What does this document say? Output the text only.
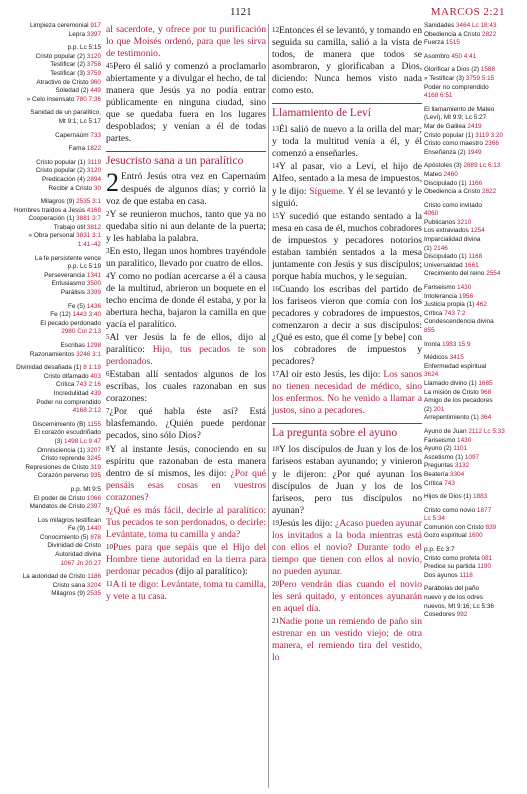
1121	MARCOS 2:21
Limpieza ceremonial 917
Lepra 3397
p.p. Lc 5:15
Cristo popular (2) 3120
Testificar (2) 3758
Testificar (3) 3759
Atractivo de Cristo 960
Soledad (2) 449
» Celo insensato 780 7:36
Sanidad de un paralítico,
Mt 9:1; Lc 5:17
Capernaúm 733
Fama 1822
Cristo popular (1) 3119
Cristo popular (2) 3120
Predicación (4) 2894
Recibir a Cristo 30
Milagros (9) 2535 3:1
Hombres traídos a Jesús 4168
Cooperación (1) 3881 3:7
Trabajo útil 3812
» Obra personal 3831 3:1
1:41–42
La fe persistente vence
p.p. Lc 5:19
Perseverancia 1341
Entusiasmo 3500
Parálisis 3399
Fe (5) 1436
Fe (12) 1443 3:40
El pecado perdonado
2980 Col 2:13
Escribas 1298
Razonamientos 3246 3:1
Divinidad desafiada (1) 8 1:19
Cristo difamado 403
Crítica 743 2:16
Incredulidad 439
Poder no comprendido
4168 2:12
Discernimiento (B) 1155
El corazón escudriñado
(3) 1498 Lc 9:47
Omnisciencia (1) 3207
Cristo reprende 3245
Represiones de Cristo 319
Corazón perverso 935
p.p. Mt 9:5
El poder de Cristo 1066
Mandatos de Cristo 2397
Los milagros testifican
Fe (9) 1440
Conocimiento (5) 878
Divinidad de Cristo
Autoridad divina
1067 Jn 20:27
La autoridad de Cristo 1186
Cristo sana 3204
Milagros (9) 2535
Sanidades 3464 Lc 18:43
Obediencia a Cristo 2822
Fuerza 1515
Asombro 450 4:41
Glorificar a Dios (2) 1588
» Testificar (3) 3759 5:15
Poder no comprendido
4168 6:51
El llamamiento de Mateo
(Leví), Mt 9:9; Lc 5:27
Mar de Galilea 2419
Cristo popular (1) 3119 3:20
Cristo como maestro 2366
Enseñanza (2) 1949
Apóstoles (3) 2889 Lc 6:13
Mateo 2460
Discipulado (1) 1166
Obediencia a Cristo 2822
Cristo como invitado
4060
Publicanos 3210
Los extraviados 1254
Imparcialidad divina
(1) 2146
Discipulado (1) 1168
Universalidad 1661
Crecimiento del reino 2554
Fariseismo 1430
Intolerancia 1958
Justicia propia (1) 462
Crítica 743 7:2
Condescendencia divina
855
Ironía 1983 15:9
Médicos 3415
Enfermedad espiritual
3624
Llamado divino (1) 1665
La misión de Cristo 968
Amigo de los pecadores
(2) 201
Arrepentimiento (1) 364
Ayuno de Juan 2112 Lc 5:33
Fariseismo 1430
Ayuno (2) 1101
Ascetismo (1) 1097
Preguntas 3132
Beatería 3304
Crítica 743
Hijos de Dios (1) 1883
Cristo como novio 1877
Lc 5:34
Comunión con Cristo 839
Gozo espiritual 1600
p.p. Ec 3:7
Cristo como profeta 081
Predice su partida 1190
Dos ayunos 1118
Parábolas del paño
nuevo y de los odres
nuevos, Mt 9:16; Lc 5:36
Cosedores 992

al sacerdote, y ofrece por tu purificación lo que Moisés ordenó, para que les sirva de testimonio.

45Pero él salió y comenzó a proclamarlo abiertamente y a divulgar el hecho, de tal manera que Jesús ya no podía entrar públicamente en ninguna ciudad, sino que se quedaba fuera en los lugares despoblados; y venían a él de todas partes.

Jesucristo sana a un paralítico

2 Entró Jesús otra vez en Capernaúm después de algunos días; y corrió la voz de que estaba en casa.

2Y se reunieron muchos, tanto que ya no quedaba sitio ni aun delante de la puerta; y les hablaba la palabra.

3En esto, llegan unos hombres trayéndole un paralítico, llevado por cuatro de ellos.

4Y como no podían acercarse a él a causa de la multitud, abrieron un boquete en el techo encima de donde él estaba, y por la abertura hecha, bajaron la camilla en que yacía el paralítico.

5Al ver Jesús la fe de ellos, dijo al paralítico: Hijo, tus pecados te son perdonados.

6Estaban allí sentados algunos de los escribas, los cuales razonaban en sus corazones:

7¿Por qué habla éste así? Está blasfemando. ¿Quién puede perdonar pecados, sino sólo Dios?

8Y al instante Jesús, conociendo en su espíritu que razonaban de esta manera dentro de sí mismos, les dijo: ¿Por qué pensáis esas cosas en vuestros corazones?

9¿Qué es más fácil, decirle al paralítico: Tus pecados te son perdonados, o decirle: Levántate, toma tu camilla y anda?

10Pues para que sepáis que el Hijo del Hombre tiene autoridad en la tierra para perdonar pecados (dijo al paralítico):

11A ti te digo: Levántate, toma tu camilla, y vete a tu casa.

12Entonces él se levantó, y tomando en seguida su camilla, salió a la vista de todos, de manera que todos se asombraron, y glorificaban a Dios, diciendo: Nunca hemos visto nada como esto.

Llamamiento de Leví

13Él salió de nuevo a la orilla del mar; y toda la multitud venía a él, y él comenzó a enseñarles.

14Y al pasar, vio a Leví, el hijo de Alfeo, sentado a la mesa de impuestos, y le dijo: Sígueme. Y él se levantó y le siguió.

15Y sucedió que estando sentado a la mesa en casa de él, muchos cobradores de impuestos y pecadores notorios estaban también sentados a la mesa juntamente con Jesús y sus discípulos; porque había muchos, y le seguían.

16Cuando los escribas del partido de los fariseos vieron que comía con los pecadores y cobradores de impuestos, comenzaron a decir a sus discípulos: ¿Qué es esto, que él come [y bebe] con los cobradores de impuestos y pecadores?

17Al oír esto Jesús, les dijo: Los sanos no tienen necesidad de médico, sino los enfermos. No he venido a llamar a justos, sino a pecadores.

La pregunta sobre el ayuno

18Y los discípulos de Juan y los de los fariseos estaban ayunando; y vinieron y le dijeron: ¿Por qué ayunan los discípulos de Juan y los de los fariseos, pero tus discípulos no ayunan?

19Jesús les dijo: ¿Acaso pueden ayunar los invitados a la boda mientras está con ellos el novio? Durante todo el tiempo que tienen con ellos al novio, no pueden ayunar.

20Pero vendrán días cuando el novio les será quitado, y entonces ayunarán en aquel día.

21Nadie pone un remiendo de paño sin estrenar en un vestido viejo; de otra manera, el remiendo tira del vestido, lo
